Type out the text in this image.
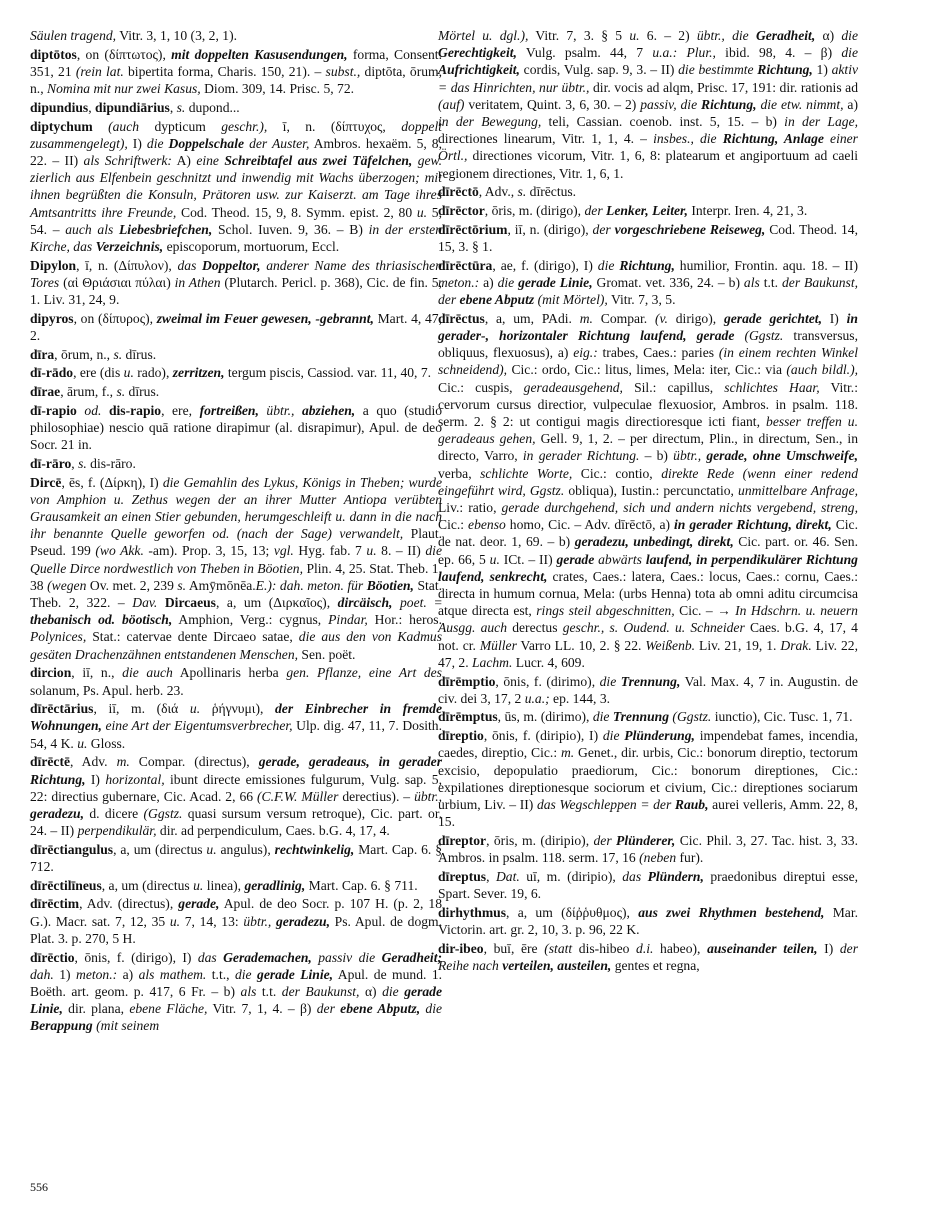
Säulen tragend, Vitr. 3, 1, 10 (3, 2, 1).
diptōtos, on (δίπτωτος), mit doppelten Kasusendungen, forma, Consent. 351, 21 (rein lat. bipertita forma, Charis. 150, 21). – subst., diptōta, ōrum, n., Nomina mit nur zwei Kasus, Diom. 309, 14. Prisc. 5, 72.
dipundius, dipundiārius, s. dupond...
diptychum (auch dypticum geschr.), ī, n. (δίπτυχος, doppelt zusammengelegt), I) die Doppelschale der Auster, Ambros. hexaëm. 5, 8, 22. – II) als Schriftwerk: A) eine Schreibtafel aus zwei Täfelchen, gew. zierlich aus Elfenbein geschnitzt und inwendig mit Wachs überzogen; mit ihnen begrüßten die Konsuln, Prätoren usw. zur Kaiserzt. am Tage ihres Amtsantritts ihre Freunde, Cod. Theod. 15, 9, 8. Symm. epist. 2, 80 u. 5, 54. – auch als Liebesbriefchen, Schol. Iuven. 9, 36. – B) in der ersten Kirche, das Verzeichnis, episcoporum, mortuorum, Eccl.
Dipylon, ī, n. (Δίπυλον), das Doppeltor, anderer Name des thriasischen Tores (αἱ Θριάσιαι πύλαι) in Athen (Plutarch. Pericl. p. 368), Cic. de fin. 5, 1. Liv. 31, 24, 9.
dipyros, on (δίπυρος), zweimal im Feuer gewesen, -gebrannt, Mart. 4, 47, 2.
dīra, ōrum, n., s. dīrus.
dī-rādo, ere (dis u. rado), zerritzen, tergum piscis, Cassiod. var. 11, 40, 7.
dīrae, ārum, f., s. dīrus.
dī-rapio od. dis-rapio, ere, fortreißen, übtr., abziehen, a quo (studio philosophiae) nescio quā ratione dirapimur (al. disrapimur), Apul. de deo Socr. 21 in.
dī-rāro, s. dis-rāro.
Dircē, ēs, f. (Δίρκη), I) die Gemahlin des Lykus, Königs in Theben; wurde von Amphion u. Zethus wegen der an ihrer Mutter Antiopa verübten Grausamkeit an einen Stier gebunden, herumgeschleift u. dann in die nach ihr benannte Quelle geworfen od. (nach der Sage) verwandelt, Plaut. Pseud. 199 (wo Akk. -am). Prop. 3, 15, 13; vgl. Hyg. fab. 7 u. 8. – II) die Quelle Dirce nordwestlich von Theben in Böotien, Plin. 4, 25. Stat. Theb. 1, 38 (wegen Ov. met. 2, 239 s. Amȳmōnēa.E.): dah. meton. für Böotien, Stat. Theb. 2, 322. – Dav. Dircaeus, a, um (Διρκαῖος), dircäisch, poet. = thebanisch od. böotisch, Amphion, Verg.: cygnus, Pindar, Hor.: heros. Polynices, Stat.: catervae dente Dircaeo satae, die aus den von Kadmus gesäten Drachenzähnen entstandenen Menschen, Sen. poët.
dircion, iī, n., die auch Apollinaris herba gen. Pflanze, eine Art des solanum, Ps. Apul. herb. 23.
dīrēctārius, iī, m. (διά u. ῥήγνυμι), der Einbrecher in fremde Wohnungen, eine Art der Eigentumsverbrecher, Ulp. dig. 47, 11, 7. Dosith. 54, 4 K. u. Gloss.
dīrēctē, Adv. m. Compar. (directus), gerade, geradeaus, in gerader Richtung, I) horizontal, ibunt directe emissiones fulgurum, Vulg. sap. 5, 22: directius gubernare, Cic. Acad. 2, 66 (C.F.W. Müller derectius). – übtr., geradezu, d. dicere (Ggstz. quasi sursum versum retroque), Cic. part. or. 24. – II) perpendikulär, dir. ad perpendiculum, Caes. b.G. 4, 17, 4.
dīrēctiangulus, a, um (directus u. angulus), rechtwinkelig, Mart. Cap. 6. § 712.
dīrēctilīneus, a, um (directus u. linea), geradlinig, Mart. Cap. 6. § 711.
dīrēctim, Adv. (directus), gerade, Apul. de deo Socr. p. 107 H. (p. 2, 18 G.). Macr. sat. 7, 12, 35 u. 7, 14, 13: übtr., geradezu, Ps. Apul. de dogm. Plat. 3. p. 270, 5 H.
dīrēctio, ōnis, f. (dirigo), I) das Gerademachen, passiv die Geradheit; dah. 1) meton.: a) als mathem. t.t., die gerade Linie, Apul. de mund. 1. Boëth. art. geom. p. 417, 6 Fr. – b) als t.t. der Baukunst, α) die gerade Linie, dir. plana, ebene Fläche, Vitr. 7, 1, 4. – β) der ebene Abputz, die Berappung (mit seinem
Mörtel u. dgl.), Vitr. 7, 3. § 5 u. 6. – 2) übtr., die Geradheit, α) die Gerechtigkeit, Vulg. psalm. 44, 7 u.a.: Plur., ibid. 98, 4. – β) die Aufrichtigkeit, cordis, Vulg. sap. 9, 3. – II) die bestimmte Richtung, 1) aktiv = das Hinrichten, nur übtr., dir. vocis ad alqm, Prisc. 17, 191: dir. rationis ad (auf) veritatem, Quint. 3, 6, 30. – 2) passiv, die Richtung, die etw. nimmt, a) in der Bewegung, teli, Cassian. coenob. inst. 5, 15. – b) in der Lage, directiones linearum, Vitr. 1, 1, 4. – insbes., die Richtung, Anlage einer Örtl., directiones vicorum, Vitr. 1, 6, 8: platearum et angiportuum ad caeli regionem directiones, Vitr. 1, 6, 1.
dīrēctō, Adv., s. dīrēctus.
dīrēctor, ōris, m. (dirigo), der Lenker, Leiter, Interpr. Iren. 4, 21, 3.
dīrēctōrium, iī, n. (dirigo), der vorgeschriebene Reiseweg, Cod. Theod. 14, 15, 3. § 1.
dīrēctūra, ae, f. (dirigo), I) die Richtung, humilior, Frontin. aqu. 18. – II) meton.: a) die gerade Linie, Gromat. vet. 336, 24. – b) als t.t. der Baukunst, der ebene Abputz (mit Mörtel), Vitr. 7, 3, 5.
dīrēctus, a, um, PAdi. m. Compar. (v. dirigo), gerade gerichtet, I) in gerader-, horizontaler Richtung laufend, gerade (Ggstz. transversus, obliquus, flexuosus), a) eig.: trabes, Caes.: paries (in einem rechten Winkel schneidend), Cic.: ordo, Cic.: litus, limes, Mela: iter, Cic.: via (auch bildl.), Cic.: cuspis, geradeausgehend, Sil.: capillus, schlichtes Haar, Vitr.: cervorum cursus directior, vulpeculae flexuosior, Ambros. in psalm. 118. serm. 2. § 2: ut contigui magis directioresque icti fiant, besser treffen u. geradeaus gehen, Gell. 9, 1, 2. – per directum, Plin., in directum, Sen., in directo, Varro, in gerader Richtung. – b) übtr., gerade, ohne Umschweife, verba, schlichte Worte, Cic.: contio, direkte Rede (wenn einer redend eingeführt wird, Ggstz. obliqua), Iustin.: percunctatio, unmittelbare Anfrage, Liv.: ratio, gerade durchgehend, sich und andern nichts vergebend, streng, Cic.: ebenso homo, Cic. – Adv. dīrēctō, a) in gerader Richtung, direkt, Cic. de nat. deor. 1, 69. – b) geradezu, unbedingt, direkt, Cic. part. or. 46. Sen. ep. 66, 5 u. ICt. – II) gerade abwärts laufend, in perpendikulärer Richtung laufend, senkrecht, crates, Caes.: latera, Caes.: locus, Caes.: cornu, Caes.: directa in humum cornua, Mela: (urbs Henna) tota ab omni aditu circumcisa atque directa est, rings steil abgeschnitten, Cic. – → In Hdschrn. u. neuern Ausgg. auch derectus geschr., s. Oudend. u. Schneider Caes. b.G. 4, 17, 4 not. cr. Müller Varro LL. 10, 2. § 22. Weißenb. Liv. 21, 19, 1. Drak. Liv. 22, 47, 2. Lachm. Lucr. 4, 609.
dīrēmptio, ōnis, f. (dirimo), die Trennung, Val. Max. 4, 7 in. Augustin. de civ. dei 3, 17, 2 u.a.; ep. 144, 3.
dīrēmptus, ūs, m. (dirimo), die Trennung (Ggstz. iunctio), Cic. Tusc. 1, 71.
dīreptio, ōnis, f. (diripio), I) die Plünderung, impendebat fames, incendia, caedes, direptio, Cic.: m. Genet., dir. urbis, Cic.: bonorum direptio, tectorum excisio, depopulatio praediorum, Cic.: bonorum direptiones, Cic.: expilationes direptionesque sociorum et civium, Cic.: direptiones sociarum urbium, Liv. – II) das Wegschleppen = der Raub, aurei velleris, Amm. 22, 8, 15.
dīreptor, ōris, m. (diripio), der Plünderer, Cic. Phil. 3, 27. Tac. hist. 3, 33. Ambros. in psalm. 118. serm. 17, 16 (neben fur).
dīreptus, Dat. uī, m. (diripio), das Plündern, praedonibus direptui esse, Spart. Sever. 19, 6.
dirhythmus, a, um (δίῤῥυθμος), aus zwei Rhythmen bestehend, Mar. Victorin. art. gr. 2, 10, 3. p. 96, 22 K.
dir-ibeo, buī, ēre (statt dis-hibeo d.i. habeo), auseinander teilen, I) der Reihe nach verteilen, austeilen, gentes et regna,
556
